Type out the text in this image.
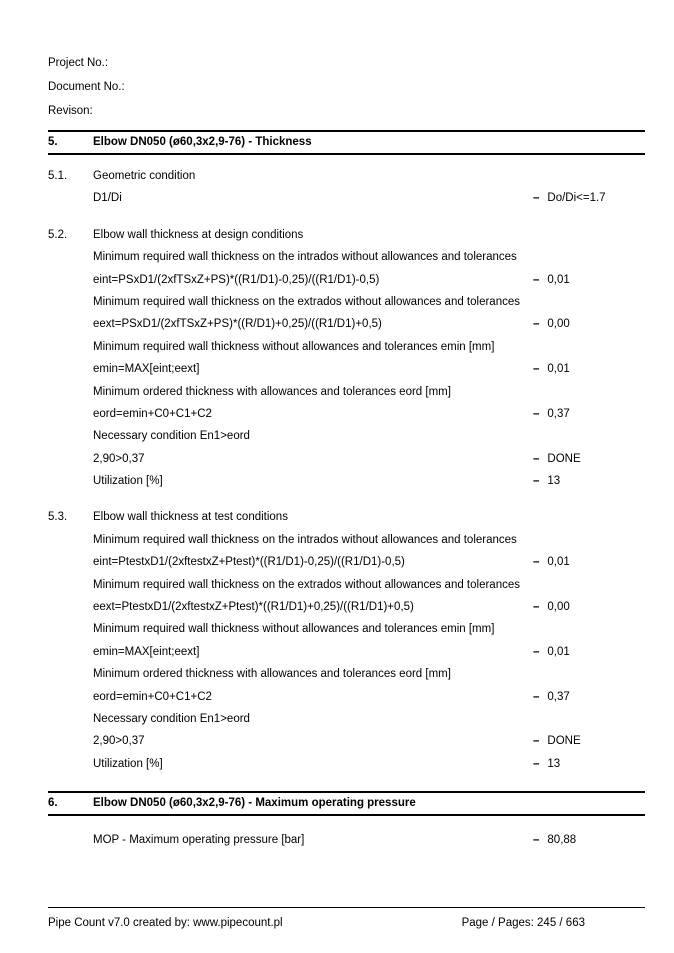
Project No.:
Document No.:
Revison:
5.	Elbow DN050 (ø60,3x2,9-76) - Thickness
5.1.	Geometric condition
D1/Di	– Do/Di<=1.7
5.2.	Elbow wall thickness at design conditions
Minimum required wall thickness on the intrados without allowances and tolerances
eint=PSxD1/(2xfTSxZ+PS)*((R1/D1)-0,25)/((R1/D1)-0,5)	– 0,01
Minimum required wall thickness on the extrados without allowances and tolerances
eext=PSxD1/(2xfTSxZ+PS)*((R/D1)+0,25)/((R1/D1)+0,5)	– 0,00
Minimum required wall thickness without allowances and tolerances emin [mm]
emin=MAX[eint;eext]	– 0,01
Minimum ordered thickness with allowances and tolerances eord [mm]
eord=emin+C0+C1+C2	– 0,37
Necessary condition En1>eord
2,90>0,37	– DONE
Utilization [%]	– 13
5.3.	Elbow wall thickness at test conditions
Minimum required wall thickness on the intrados without allowances and tolerances
eint=PtestxD1/(2xftestxZ+Ptest)*((R1/D1)-0,25)/((R1/D1)-0,5)	– 0,01
Minimum required wall thickness on the extrados without allowances and tolerances
eext=PtestxD1/(2xftestxZ+Ptest)*((R1/D1)+0,25)/((R1/D1)+0,5)	– 0,00
Minimum required wall thickness without allowances and tolerances emin [mm]
emin=MAX[eint;eext]	– 0,01
Minimum ordered thickness with allowances and tolerances eord [mm]
eord=emin+C0+C1+C2	– 0,37
Necessary condition En1>eord
2,90>0,37	– DONE
Utilization [%]	– 13
6.	Elbow DN050 (ø60,3x2,9-76) - Maximum operating pressure
MOP - Maximum operating pressure [bar]	– 80,88
Pipe Count v7.0 created by: www.pipecount.pl	Page / Pages: 245 / 663
